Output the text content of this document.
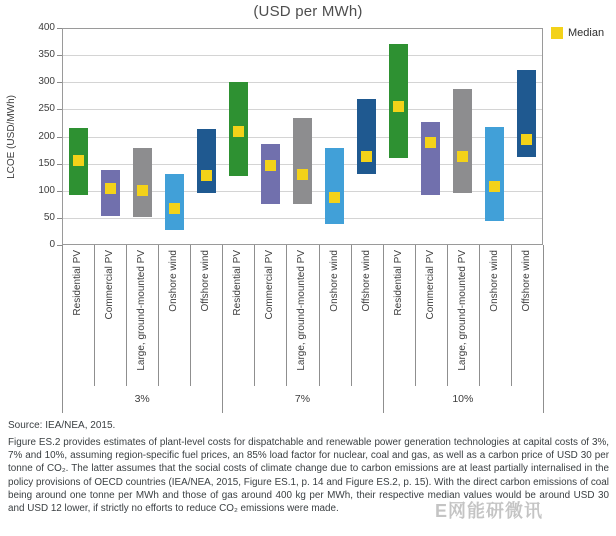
(USD per MWh)
Median
LCOE (USD/MWh)
400
350
300
250
200
150
100
50
0
Residential PV Commercial PV Large, ground-mounted PV Onshore wind Offshore wind
3%
Residential PV Commercial PV Large, ground-mounted PV Onshore wind Offshore wind
7%
Residential PV Commercial PV Large, ground-mounted PV Onshore wind Offshore wind
10%
Source: IEA/NEA, 2015.
Figure ES.2 provides estimates of plant-level costs for dispatchable and renewable power generation technologies at capital costs of 3%, 7% and 10%, assuming region-specific fuel prices, an 85% load factor for nuclear, coal and gas, as well as a carbon price of USD 30 per tonne of CO₂. The latter assumes that the social costs of climate change due to carbon emissions are at least partially internalised in the policy provisions of OECD countries (IEA/NEA, 2015, Figure ES.1, p. 14 and Figure ES.2, p. 15). With the direct carbon emissions of coal being around one tonne per MWh and those of gas around 400 kg per MWh, their respective median values would be around USD 30 and USD 12 lower, if strictly no efforts to reduce CO₂ emissions were made.	E网能研微讯
